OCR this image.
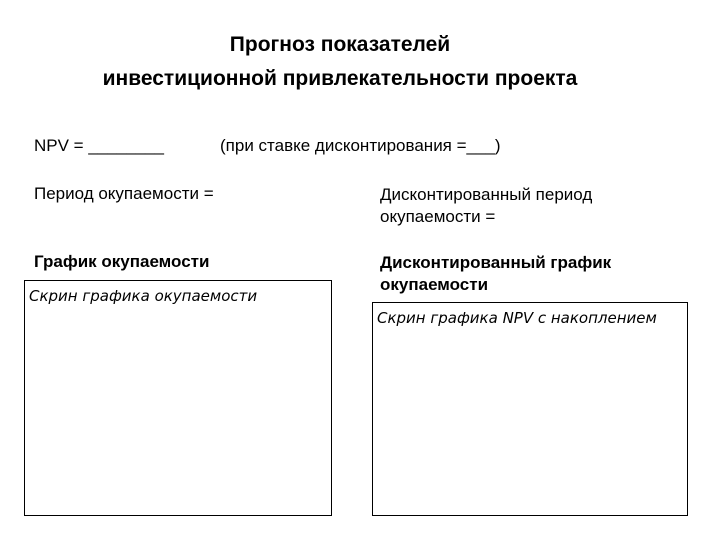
Прогноз показателей
инвестиционной привлекательности проекта
NPV = ________	(при ставке дисконтирования =___)
Период окупаемости =	Дисконтированный период окупаемости =
График окупаемости	Дисконтированный график окупаемости
Скрин графика окупаемости
Скрин графика NPV с накоплением
